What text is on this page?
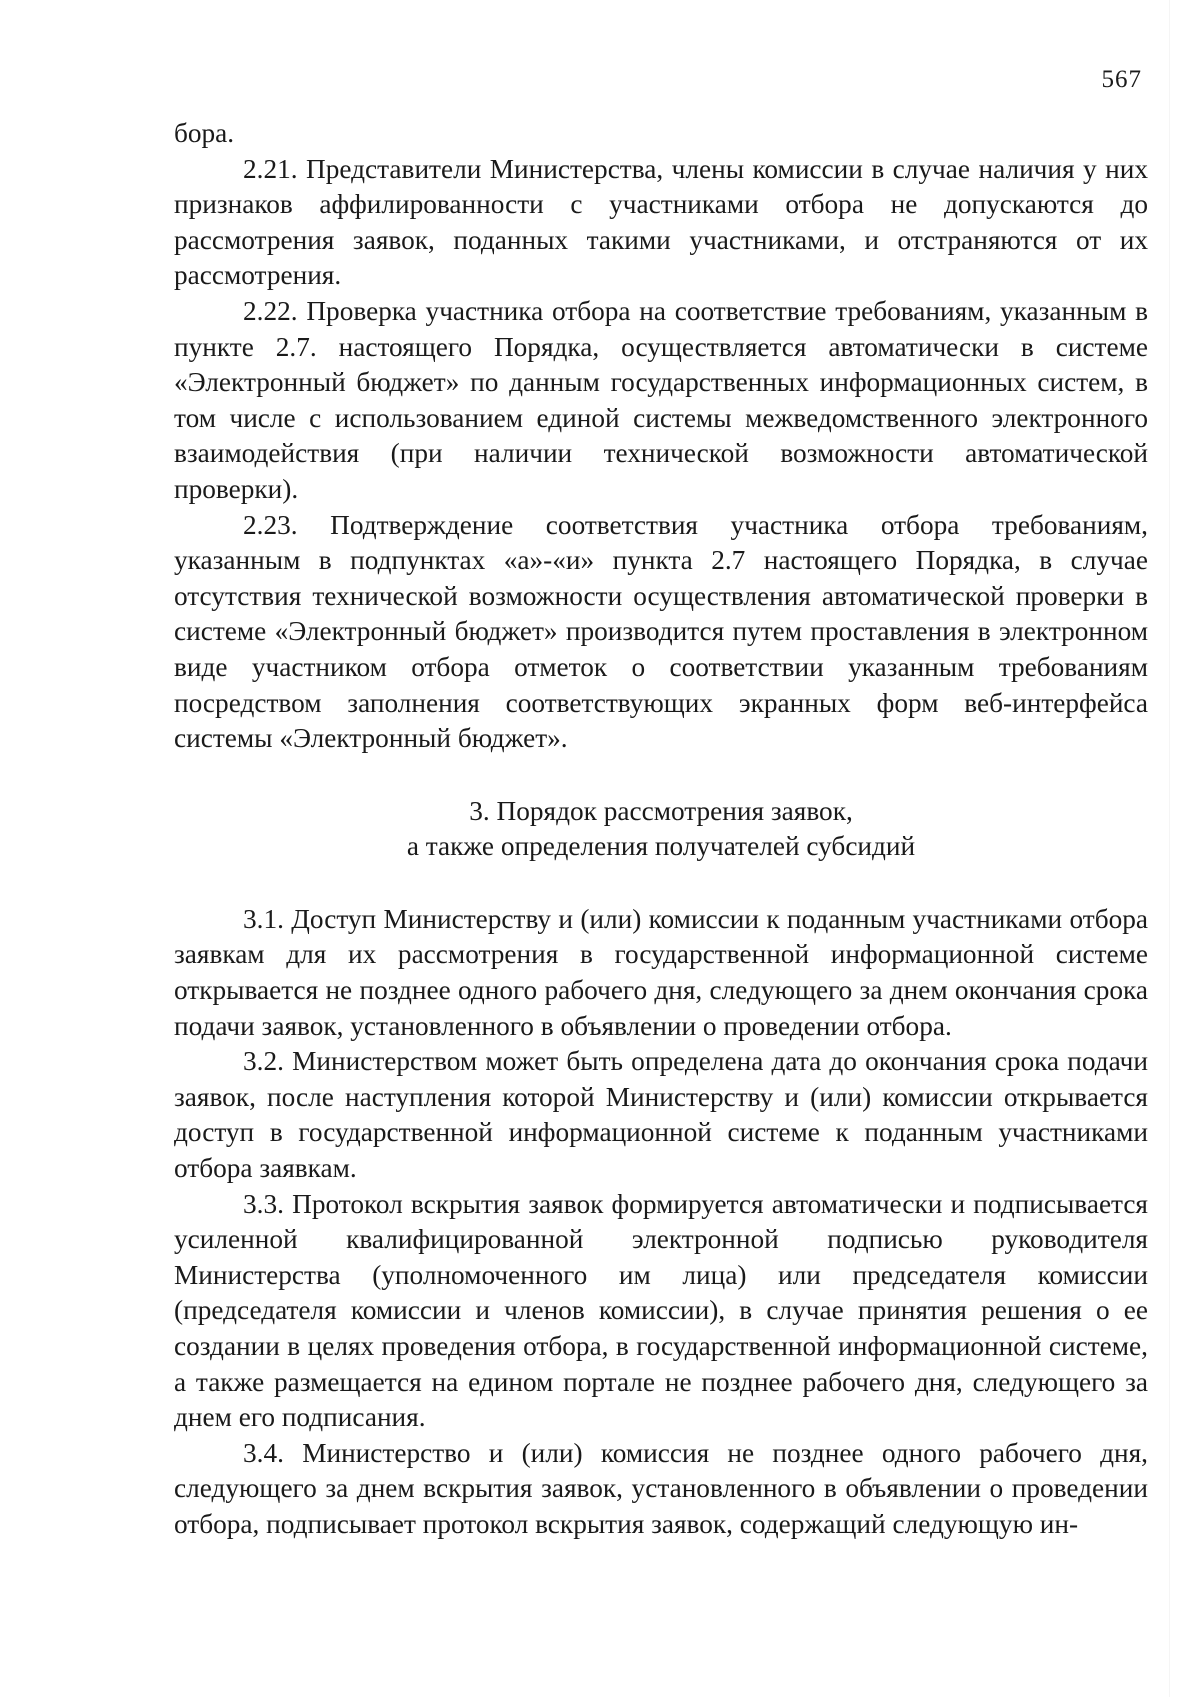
567

бора.

2.21. Представители Министерства, члены комиссии в случае наличия у них признаков аффилированности с участниками отбора не допускаются до рассмотрения заявок, поданных такими участниками, и отстраняются от их рассмотрения.

2.22. Проверка участника отбора на соответствие требованиям, указанным в пункте 2.7. настоящего Порядка, осуществляется автоматически в системе «Электронный бюджет» по данным государственных информационных систем, в том числе с использованием единой системы межведомственного электронного взаимодействия (при наличии технической возможности автоматической проверки).

2.23. Подтверждение соответствия участника отбора требованиям, указанным в подпунктах «а»-«и» пункта 2.7 настоящего Порядка, в случае отсутствия технической возможности осуществления автоматической проверки в системе «Электронный бюджет» производится путем проставления в электронном виде участником отбора отметок о соответствии указанным требованиям посредством заполнения соответствующих экранных форм веб-интерфейса системы «Электронный бюджет».

3. Порядок рассмотрения заявок,
а также определения получателей субсидий

3.1. Доступ Министерству и (или) комиссии к поданным участниками отбора заявкам для их рассмотрения в государственной информационной системе открывается не позднее одного рабочего дня, следующего за днем окончания срока подачи заявок, установленного в объявлении о проведении отбора.

3.2. Министерством может быть определена дата до окончания срока подачи заявок, после наступления которой Министерству и (или) комиссии открывается доступ в государственной информационной системе к поданным участниками отбора заявкам.

3.3. Протокол вскрытия заявок формируется автоматически и подписывается усиленной квалифицированной электронной подписью руководителя Министерства (уполномоченного им лица) или председателя комиссии (председателя комиссии и членов комиссии), в случае принятия решения о ее создании в целях проведения отбора, в государственной информационной системе, а также размещается на едином портале не позднее рабочего дня, следующего за днем его подписания.

3.4. Министерство и (или) комиссия не позднее одного рабочего дня, следующего за днем вскрытия заявок, установленного в объявлении о проведении отбора, подписывает протокол вскрытия заявок, содержащий следующую ин-
